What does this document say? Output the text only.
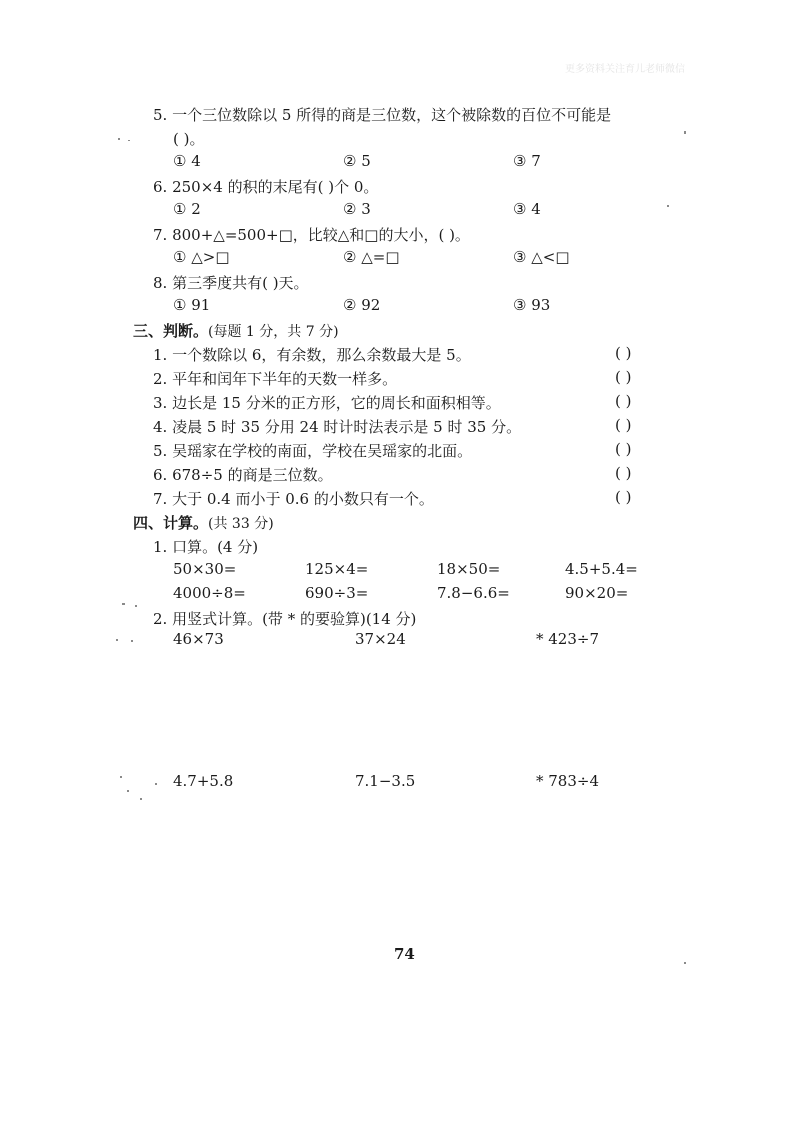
更多资料关注育儿老师微信
5. 一个三位数除以 5 所得的商是三位数，这个被除数的百位不可能是
( )。
① 4	② 5	③ 7
6. 250×4 的积的末尾有( )个 0。
① 2	② 3	③ 4
7. 800+△=500+□，比较△和□的大小，( )。
① △>□	② △=□	③ △<□
8. 第三季度共有( )天。
① 91	② 92	③ 93
三、判断。(每题 1 分，共 7 分)
1. 一个数除以 6，有余数，那么余数最大是 5。	( )
2. 平年和闰年下半年的天数一样多。	( )
3. 边长是 15 分米的正方形，它的周长和面积相等。	( )
4. 凌晨 5 时 35 分用 24 时计时法表示是 5 时 35 分。	( )
5. 吴瑶家在学校的南面，学校在吴瑶家的北面。	( )
6. 678÷5 的商是三位数。	( )
7. 大于 0.4 而小于 0.6 的小数只有一个。	( )
四、计算。(共 33 分)
1. 口算。(4 分)
50×30=	125×4=	18×50=	4.5+5.4=
4000÷8=	690÷3=	7.8−6.6=	90×20=
2. 用竖式计算。(带 * 的要验算)(14 分)
46×73	37×24	* 423÷7
4.7+5.8	7.1−3.5	* 783÷4
74
